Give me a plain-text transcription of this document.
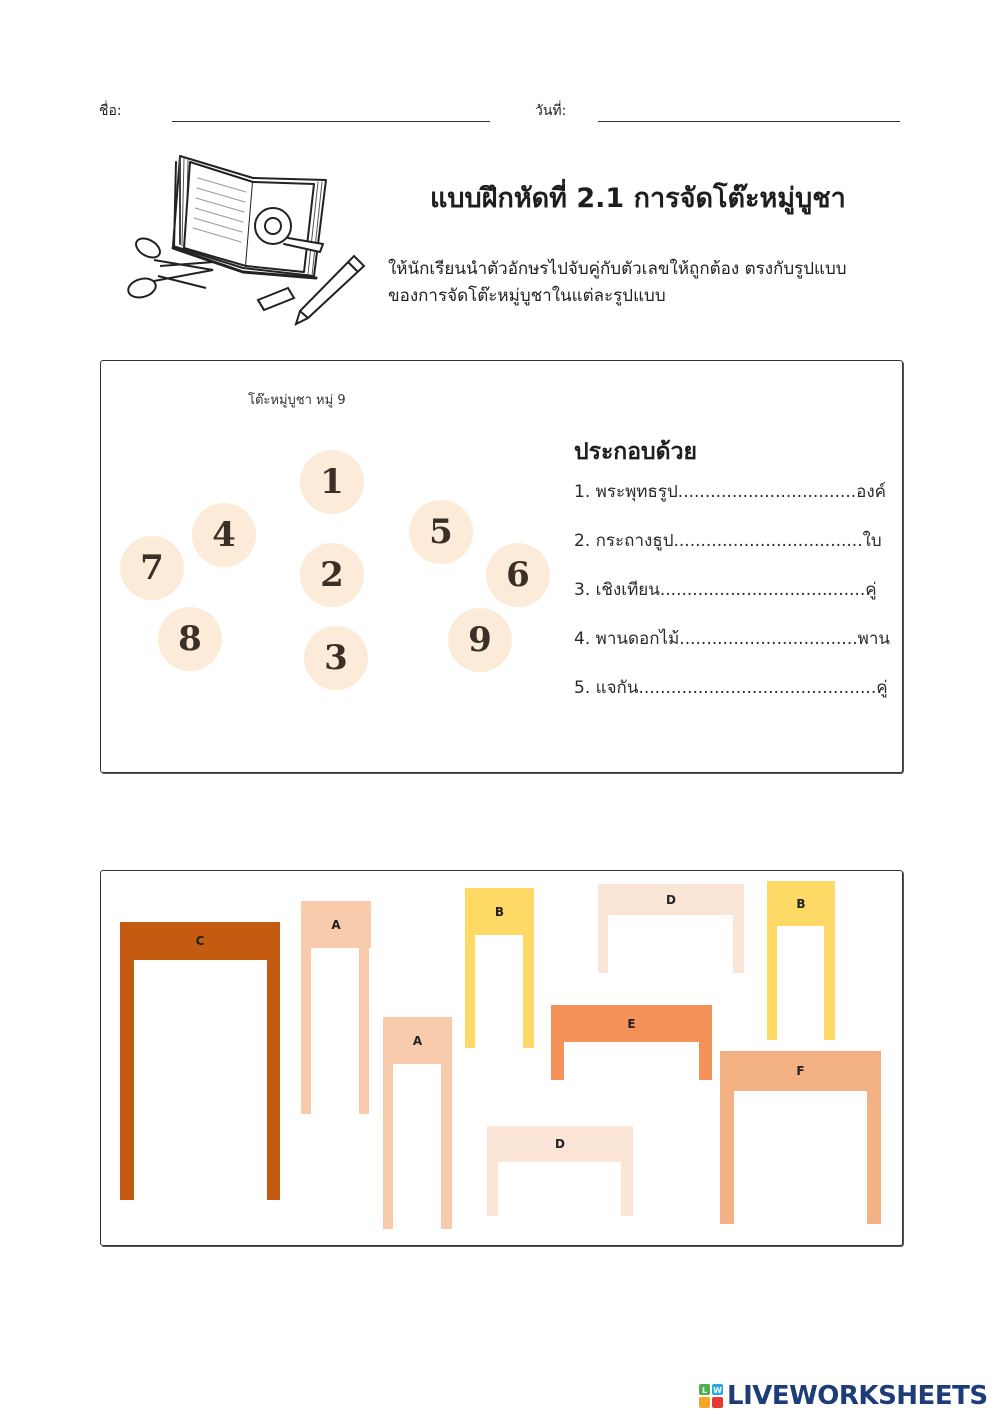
ชื่อ:	วันที่:
แบบฝึกหัดที่ 2.1 การจัดโต๊ะหมู่บูชา
ให้นักเรียนนำตัวอักษรไปจับคู่กับตัวเลขให้ถูกต้อง ตรงกับรูปแบบ
ของการจัดโต๊ะหมู่บูชาในแต่ละรูปแบบ
โต๊ะหมู่บูชา หมู่ 9
1
2
3
4	5
6
7
8	9
ประกอบด้วย
1. พระพุทธรูป.................................องค์
2. กระถางธูป...................................ใบ
3. เชิงเทียน......................................คู่
4. พานดอกไม้.................................พาน
5. แจกัน............................................คู่
C
A
B
D	B
A
E
F
D
L W LIVEWORKSHEETS
